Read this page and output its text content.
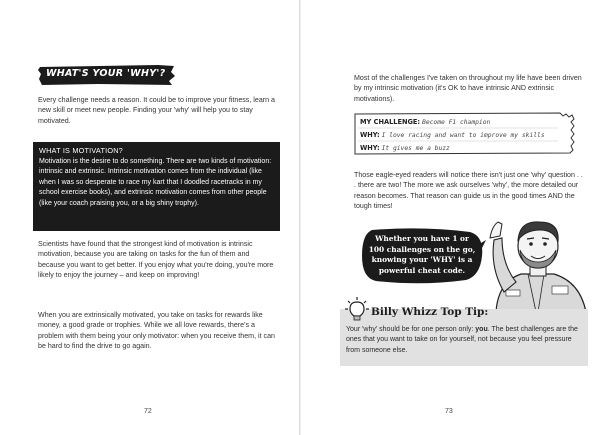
WHAT'S YOUR 'WHY'?

Every challenge needs a reason. It could be to improve your fitness, learn a new skill or meet new people. Finding your 'why' will help you to stay motivated.

WHAT IS MOTIVATION?

Motivation is the desire to do something. There are two kinds of motivation: intrinsic and extrinsic. Intrinsic motivation comes from the individual (like when I was so desperate to race my kart that I doodled racetracks in my school exercise books), and extrinsic motivation comes from other people (like your coach praising you, or a big shiny trophy).

Scientists have found that the strongest kind of motivation is intrinsic motivation, because you are taking on tasks for the fun of them and because you want to get better. If you enjoy what you're doing, you're more likely to enjoy the journey – and keep on improving!

When you are extrinsically motivated, you take on tasks for rewards like money, a good grade or trophies. While we all love rewards, there's a problem with them being your only motivator: when you receive them, it can be hard to find the drive to go again.

72

Most of the challenges I've taken on throughout my life have been driven by my intrinsic motivation (it's OK to have intrinsic AND extrinsic motivations).

MY CHALLENGE: Become F1 champion
WHY: I love racing and want to improve my skills
WHY: It gives me a buzz

Those eagle-eyed readers will notice there isn't just one 'why' question . . . there are two! The more we ask ourselves 'why', the more detailed our reason becomes. That reason can guide us in the good times AND the tough times!

Whether you have 1 or 100 challenges on the go, knowing your 'WHY' is a powerful cheat code.

Billy Whizz Top Tip:

Your 'why' should be for one person only: you. The best challenges are the ones that you want to take on for yourself, not because you feel pressure from someone else.

73
